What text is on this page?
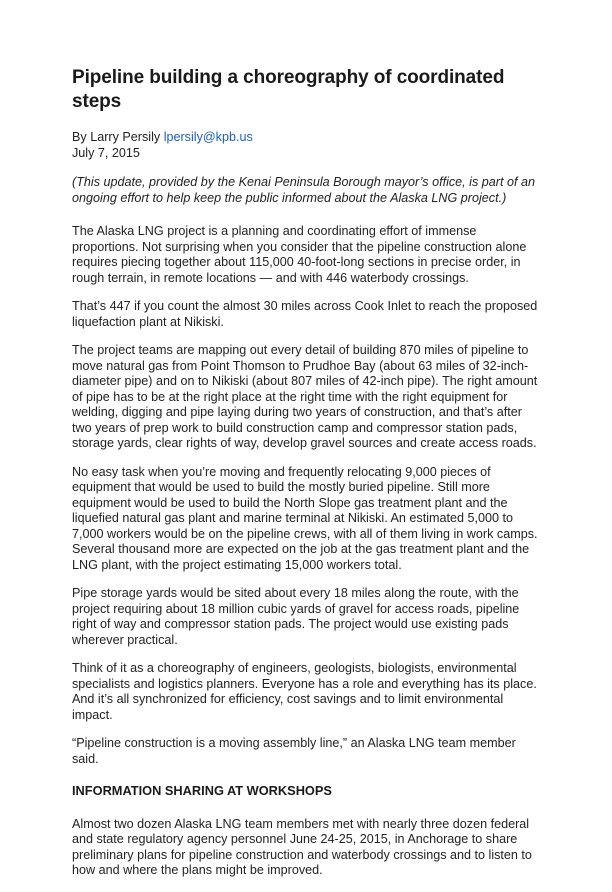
Pipeline building a choreography of coordinated steps

By Larry Persily lpersily@kpb.us

July 7, 2015

(This update, provided by the Kenai Peninsula Borough mayor’s office, is part of an ongoing effort to help keep the public informed about the Alaska LNG project.)

The Alaska LNG project is a planning and coordinating effort of immense proportions. Not surprising when you consider that the pipeline construction alone requires piecing together about 115,000 40-foot-long sections in precise order, in rough terrain, in remote locations — and with 446 waterbody crossings.

That’s 447 if you count the almost 30 miles across Cook Inlet to reach the proposed liquefaction plant at Nikiski.

The project teams are mapping out every detail of building 870 miles of pipeline to move natural gas from Point Thomson to Prudhoe Bay (about 63 miles of 32-inch-diameter pipe) and on to Nikiski (about 807 miles of 42-inch pipe). The right amount of pipe has to be at the right place at the right time with the right equipment for welding, digging and pipe laying during two years of construction, and that’s after two years of prep work to build construction camp and compressor station pads, storage yards, clear rights of way, develop gravel sources and create access roads.

No easy task when you’re moving and frequently relocating 9,000 pieces of equipment that would be used to build the mostly buried pipeline. Still more equipment would be used to build the North Slope gas treatment plant and the liquefied natural gas plant and marine terminal at Nikiski. An estimated 5,000 to 7,000 workers would be on the pipeline crews, with all of them living in work camps. Several thousand more are expected on the job at the gas treatment plant and the LNG plant, with the project estimating 15,000 workers total.

Pipe storage yards would be sited about every 18 miles along the route, with the project requiring about 18 million cubic yards of gravel for access roads, pipeline right of way and compressor station pads. The project would use existing pads wherever practical.

Think of it as a choreography of engineers, geologists, biologists, environmental specialists and logistics planners. Everyone has a role and everything has its place. And it’s all synchronized for efficiency, cost savings and to limit environmental impact.

“Pipeline construction is a moving assembly line,” an Alaska LNG team member said.

INFORMATION SHARING AT WORKSHOPS

Almost two dozen Alaska LNG team members met with nearly three dozen federal and state regulatory agency personnel June 24-25, 2015, in Anchorage to share preliminary plans for pipeline construction and waterbody crossings and to listen to how and where the plans might be improved.
